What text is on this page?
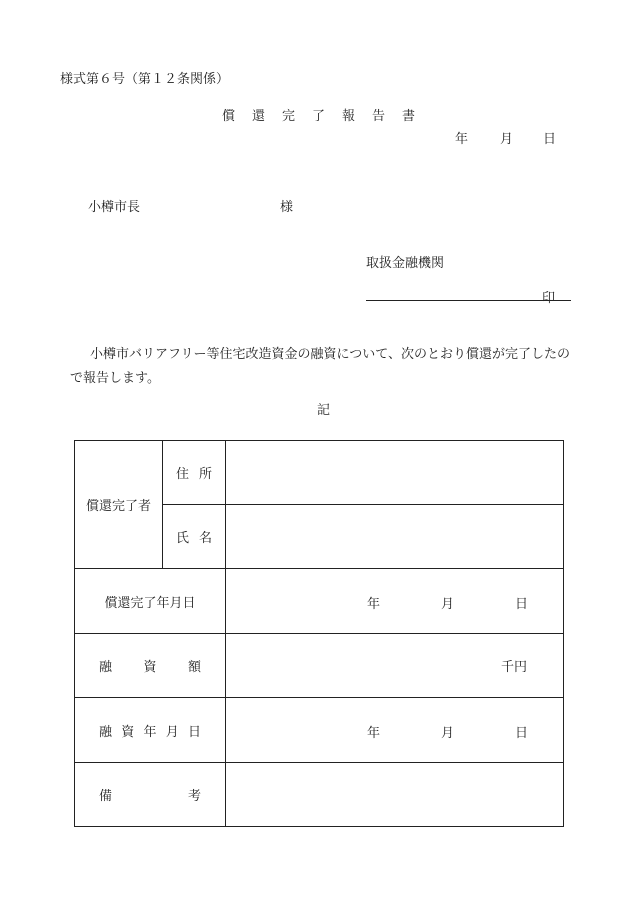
様式第６号（第１２条関係）
償 還 完 了 報 告 書
年 月 日
小樽市長	様
取扱金融機関
印
小樽市バリアフリー等住宅改造資金の融資について、次のとおり償還が完了したので報告します。
記
償還完了者	住 所	

	氏 名	

償還完了年月日		年 月 日

融 資 額		千円

融 資 年 月 日		年 月 日

備 考		
